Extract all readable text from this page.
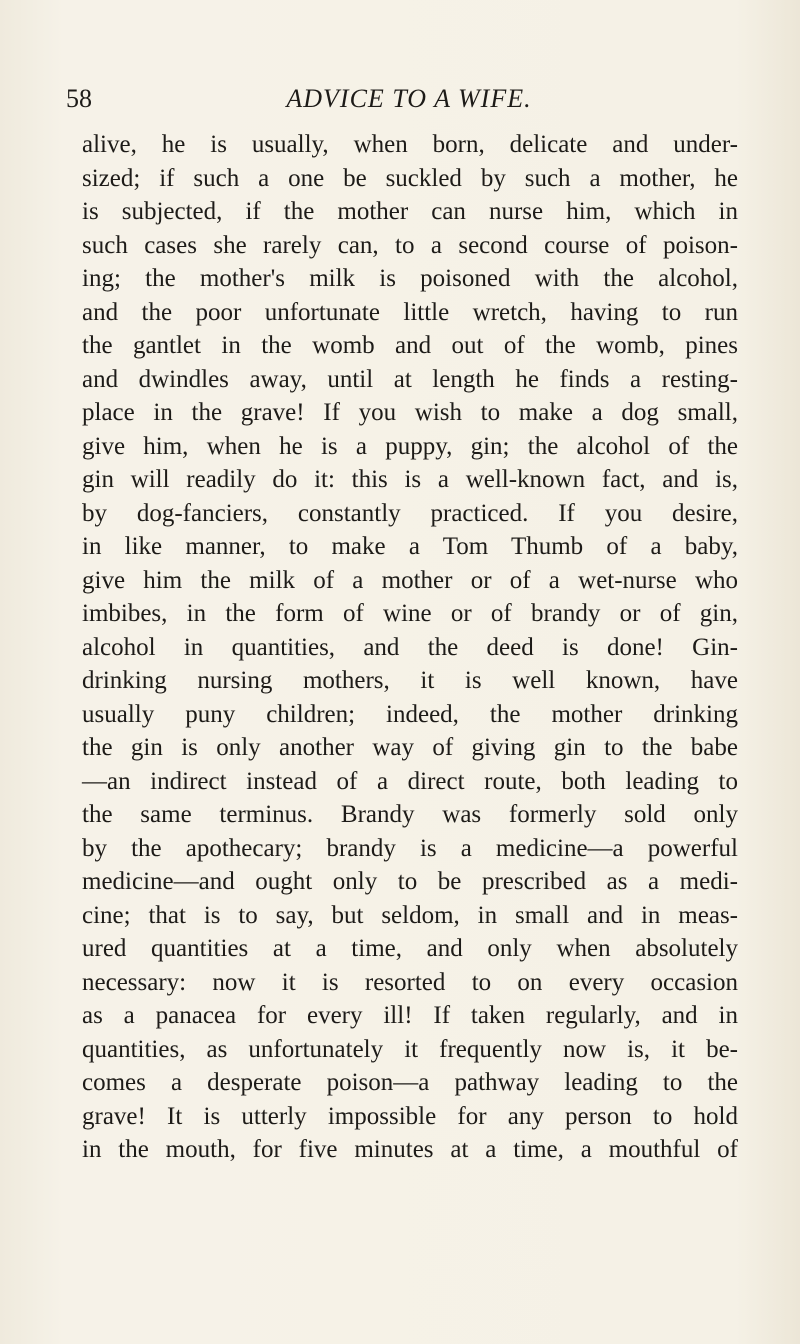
58	ADVICE TO A WIFE.
alive, he is usually, when born, delicate and under-
sized; if such a one be suckled by such a mother, he
is subjected, if the mother can nurse him, which in
such cases she rarely can, to a second course of poison-
ing; the mother's milk is poisoned with the alcohol,
and the poor unfortunate little wretch, having to run
the gantlet in the womb and out of the womb, pines
and dwindles away, until at length he finds a resting-
place in the grave! If you wish to make a dog small,
give him, when he is a puppy, gin; the alcohol of the
gin will readily do it: this is a well-known fact, and is,
by dog-fanciers, constantly practiced. If you desire,
in like manner, to make a Tom Thumb of a baby,
give him the milk of a mother or of a wet-nurse who
imbibes, in the form of wine or of brandy or of gin,
alcohol in quantities, and the deed is done! Gin-
drinking nursing mothers, it is well known, have
usually puny children; indeed, the mother drinking
the gin is only another way of giving gin to the babe
—an indirect instead of a direct route, both leading to
the same terminus. Brandy was formerly sold only
by the apothecary; brandy is a medicine—a powerful
medicine—and ought only to be prescribed as a medi-
cine; that is to say, but seldom, in small and in meas-
ured quantities at a time, and only when absolutely
necessary: now it is resorted to on every occasion
as a panacea for every ill! If taken regularly, and in
quantities, as unfortunately it frequently now is, it be-
comes a desperate poison—a pathway leading to the
grave! It is utterly impossible for any person to hold
in the mouth, for five minutes at a time, a mouthful of
